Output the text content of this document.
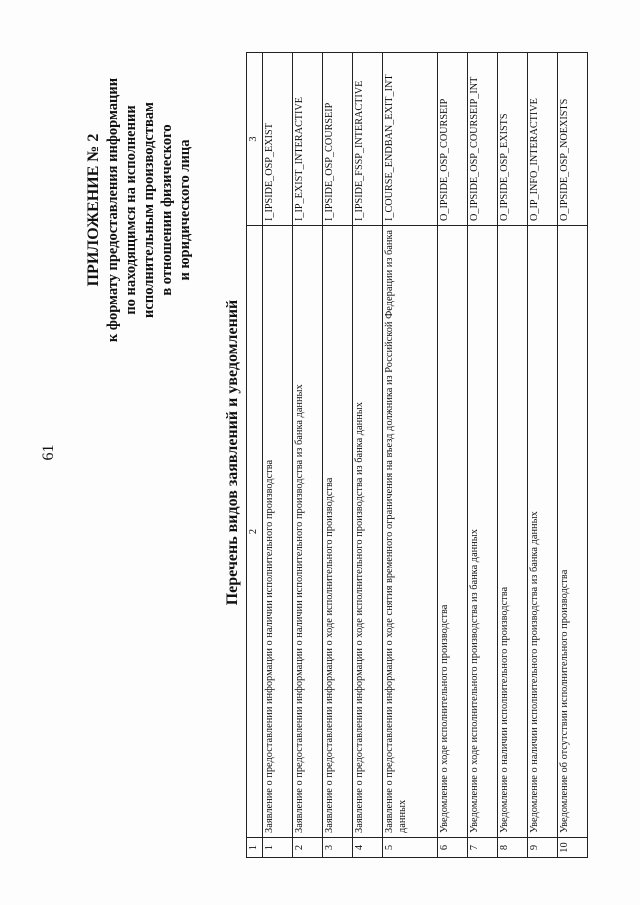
61
ПРИЛОЖЕНИЕ № 2 к формату предоставления информации по находящимся на исполнении исполнительным производствам в отношении физического и юридического лица
Перечень видов заявлений и уведомлений
1	2	3
1	Заявление о предоставлении информации о наличии исполнительного производства	I_IPSIDE_OSP_EXIST
2	Заявление о предоставлении информации о наличии исполнительного производства из банка данных	I_IP_EXIST_INTERACTIVE
3	Заявление о предоставлении информации о ходе исполнительного производства	I_IPSIDE_OSP_COURSEIP
4	Заявление о предоставлении информации о ходе исполнительного производства из банка данных	I_IPSIDE_FSSP_INTERACTIVE
5	Заявление о предоставлении информации о ходе снятия временного ограничения на въезд должника из Российской Федерации из банка данных	I_COURSE_ENDBAN_EXIT_INT
6	Уведомление о ходе исполнительного производства	O_IPSIDE_OSP_COURSEIP
7	Уведомление о ходе исполнительного производства из банка данных	O_IPSIDE_OSP_COURSEIP_INT
8	Уведомление о наличии исполнительного производства	O_IPSIDE_OSP_EXISTS
9	Уведомление о наличии исполнительного производства из банка данных	O_IP_INFO_INTERACTIVE
10	Уведомление об отсутствии исполнительного производства	O_IPSIDE_OSP_NOEXISTS
